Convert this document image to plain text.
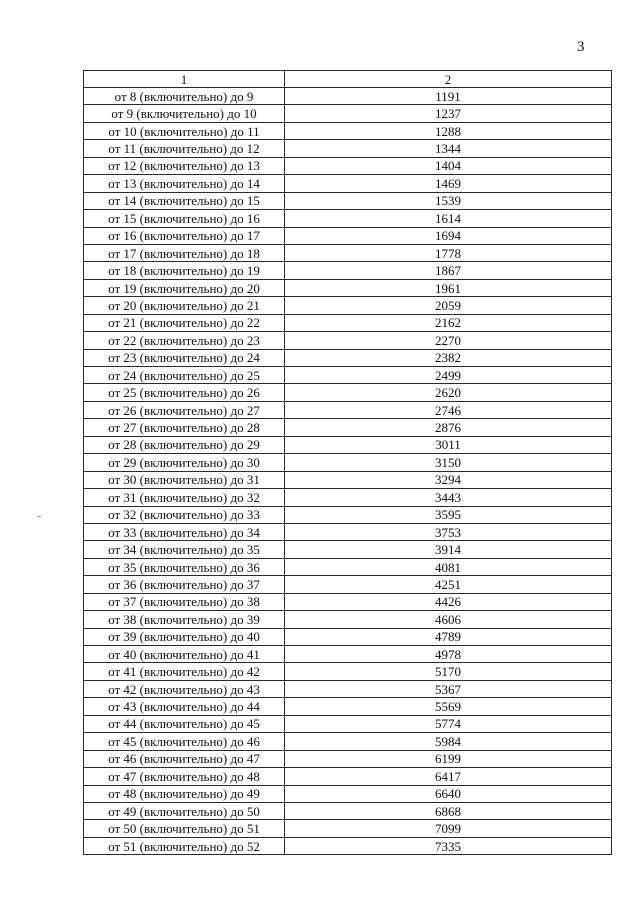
3
1	2
от 8 (включительно) до 9	1191
от 9 (включительно) до 10	1237
от 10 (включительно) до 11	1288
от 11 (включительно) до 12	1344
от 12 (включительно) до 13	1404
от 13 (включительно) до 14	1469
от 14 (включительно) до 15	1539
от 15 (включительно) до 16	1614
от 16 (включительно) до 17	1694
от 17 (включительно) до 18	1778
от 18 (включительно) до 19	1867
от 19 (включительно) до 20	1961
от 20 (включительно) до 21	2059
от 21 (включительно) до 22	2162
от 22 (включительно) до 23	2270
от 23 (включительно) до 24	2382
от 24 (включительно) до 25	2499
от 25 (включительно) до 26	2620
от 26 (включительно) до 27	2746
от 27 (включительно) до 28	2876
от 28 (включительно) до 29	3011
от 29 (включительно) до 30	3150
от 30 (включительно) до 31	3294
от 31 (включительно) до 32	3443
от 32 (включительно) до 33	3595
от 33 (включительно) до 34	3753
от 34 (включительно) до 35	3914
от 35 (включительно) до 36	4081
от 36 (включительно) до 37	4251
от 37 (включительно) до 38	4426
от 38 (включительно) до 39	4606
от 39 (включительно) до 40	4789
от 40 (включительно) до 41	4978
от 41 (включительно) до 42	5170
от 42 (включительно) до 43	5367
от 43 (включительно) до 44	5569
от 44 (включительно) до 45	5774
от 45 (включительно) до 46	5984
от 46 (включительно) до 47	6199
от 47 (включительно) до 48	6417
от 48 (включительно) до 49	6640
от 49 (включительно) до 50	6868
от 50 (включительно) до 51	7099
от 51 (включительно) до 52	7335
